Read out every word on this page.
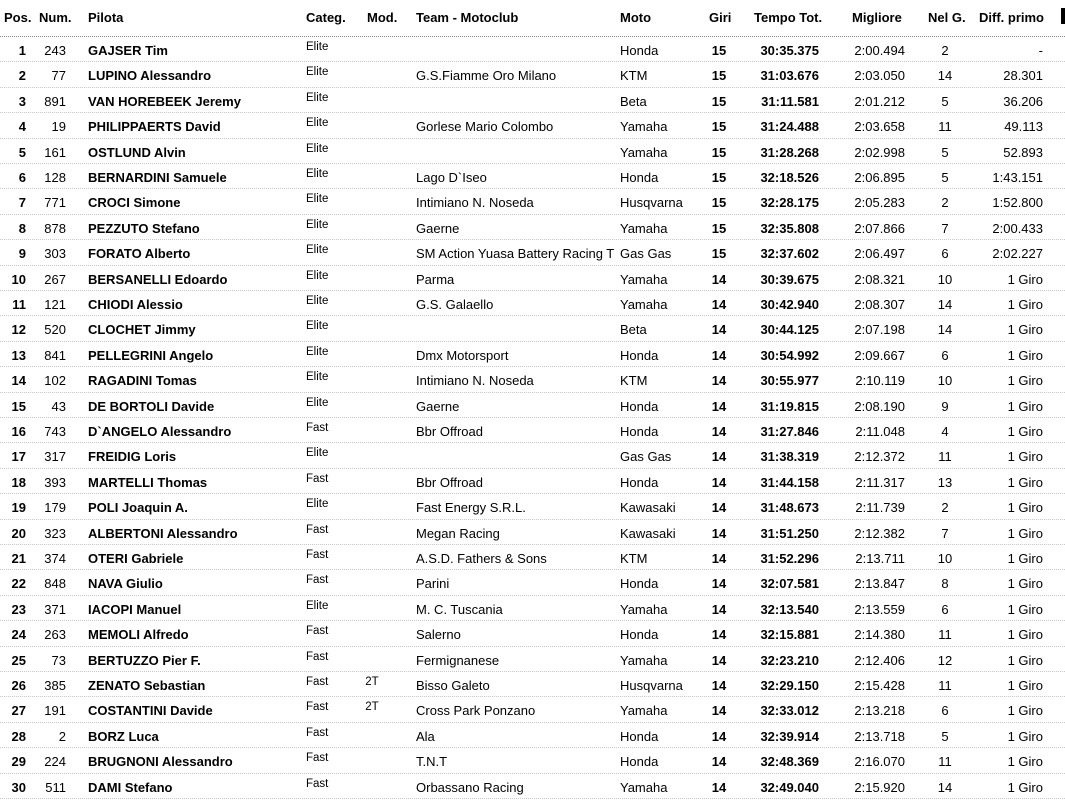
Pos. Num. Pilota	Categ. Mod. Team - Motoclub	Moto	Giri Tempo Tot. Migliore Nel G. Diff. primo
1	243 GAJSER Tim	Elite	Honda	15	30:35.375	2:00.494	2	-
2	77 LUPINO Alessandro	Elite	G.S.Fiamme Oro Milano	KTM	15	31:03.676	2:03.050	14	28.301
3	891 VAN HOREBEEK Jeremy	Elite	Beta	15	31:11.581	2:01.212	5	36.206
4	19 PHILIPPAERTS David	Elite	Gorlese Mario Colombo	Yamaha	15	31:24.488	2:03.658	11	49.113
5	161 OSTLUND Alvin	Elite	Yamaha	15	31:28.268	2:02.998	5	52.893
6	128 BERNARDINI Samuele	Elite	Lago D`Iseo	Honda	15	32:18.526	2:06.895	5	1:43.151
7	771 CROCI Simone	Elite	Intimiano N. Noseda	Husqvarna 15	32:28.175	2:05.283	2	1:52.800
8	878 PEZZUTO Stefano	Elite	Gaerne	Yamaha	15	32:35.808	2:07.866	7	2:00.433
9	303 FORATO Alberto	Elite	SM Action Yuasa Battery Racing T Gas Gas	15	32:37.602	2:06.497	6	2:02.227
10	267 BERSANELLI Edoardo	Elite	Parma	Yamaha	14	30:39.675	2:08.321	10	1 Giro
11	121 CHIODI Alessio	Elite	G.S. Galaello	Yamaha	14	30:42.940	2:08.307	14	1 Giro
12	520 CLOCHET Jimmy	Elite	Beta	14	30:44.125	2:07.198	14	1 Giro
13	841 PELLEGRINI Angelo	Elite	Dmx Motorsport	Honda	14	30:54.992	2:09.667	6	1 Giro
14	102 RAGADINI Tomas	Elite	Intimiano N. Noseda	KTM	14	30:55.977	2:10.119	10	1 Giro
15	43 DE BORTOLI Davide	Elite	Gaerne	Honda	14	31:19.815	2:08.190	9	1 Giro
16	743 D`ANGELO Alessandro	Fast	Bbr Offroad	Honda	14	31:27.846	2:11.048	4	1 Giro
17	317 FREIDIG Loris	Elite	Gas Gas	14	31:38.319	2:12.372	11	1 Giro
18	393 MARTELLI Thomas	Fast	Bbr Offroad	Honda	14	31:44.158	2:11.317	13	1 Giro
19	179 POLI Joaquin A.	Elite	Fast Energy S.R.L.	Kawasaki	14	31:48.673	2:11.739	2	1 Giro
20	323 ALBERTONI Alessandro	Fast	Megan Racing	Kawasaki	14	31:51.250	2:12.382	7	1 Giro
21	374 OTERI Gabriele	Fast	A.S.D. Fathers & Sons	KTM	14	31:52.296	2:13.711	10	1 Giro
22	848 NAVA Giulio	Fast	Parini	Honda	14	32:07.581	2:13.847	8	1 Giro
23	371 IACOPI Manuel	Elite	M. C. Tuscania	Yamaha	14	32:13.540	2:13.559	6	1 Giro
24	263 MEMOLI Alfredo	Fast	Salerno	Honda	14	32:15.881	2:14.380	11	1 Giro
25	73 BERTUZZO Pier F.	Fast	Fermignanese	Yamaha	14	32:23.210	2:12.406	12	1 Giro
26	385 ZENATO Sebastian	Fast	2T	Bisso Galeto	Husqvarna 14	32:29.150	2:15.428	11	1 Giro
27	191 COSTANTINI Davide	Fast	2T	Cross Park Ponzano	Yamaha	14	32:33.012	2:13.218	6	1 Giro
28	2 BORZ Luca	Fast	Ala	Honda	14	32:39.914	2:13.718	5	1 Giro
29	224 BRUGNONI Alessandro	Fast	T.N.T	Honda	14	32:48.369	2:16.070	11	1 Giro
30	511 DAMI Stefano	Fast	Orbassano Racing	Yamaha	14	32:49.040	2:15.920	14	1 Giro
